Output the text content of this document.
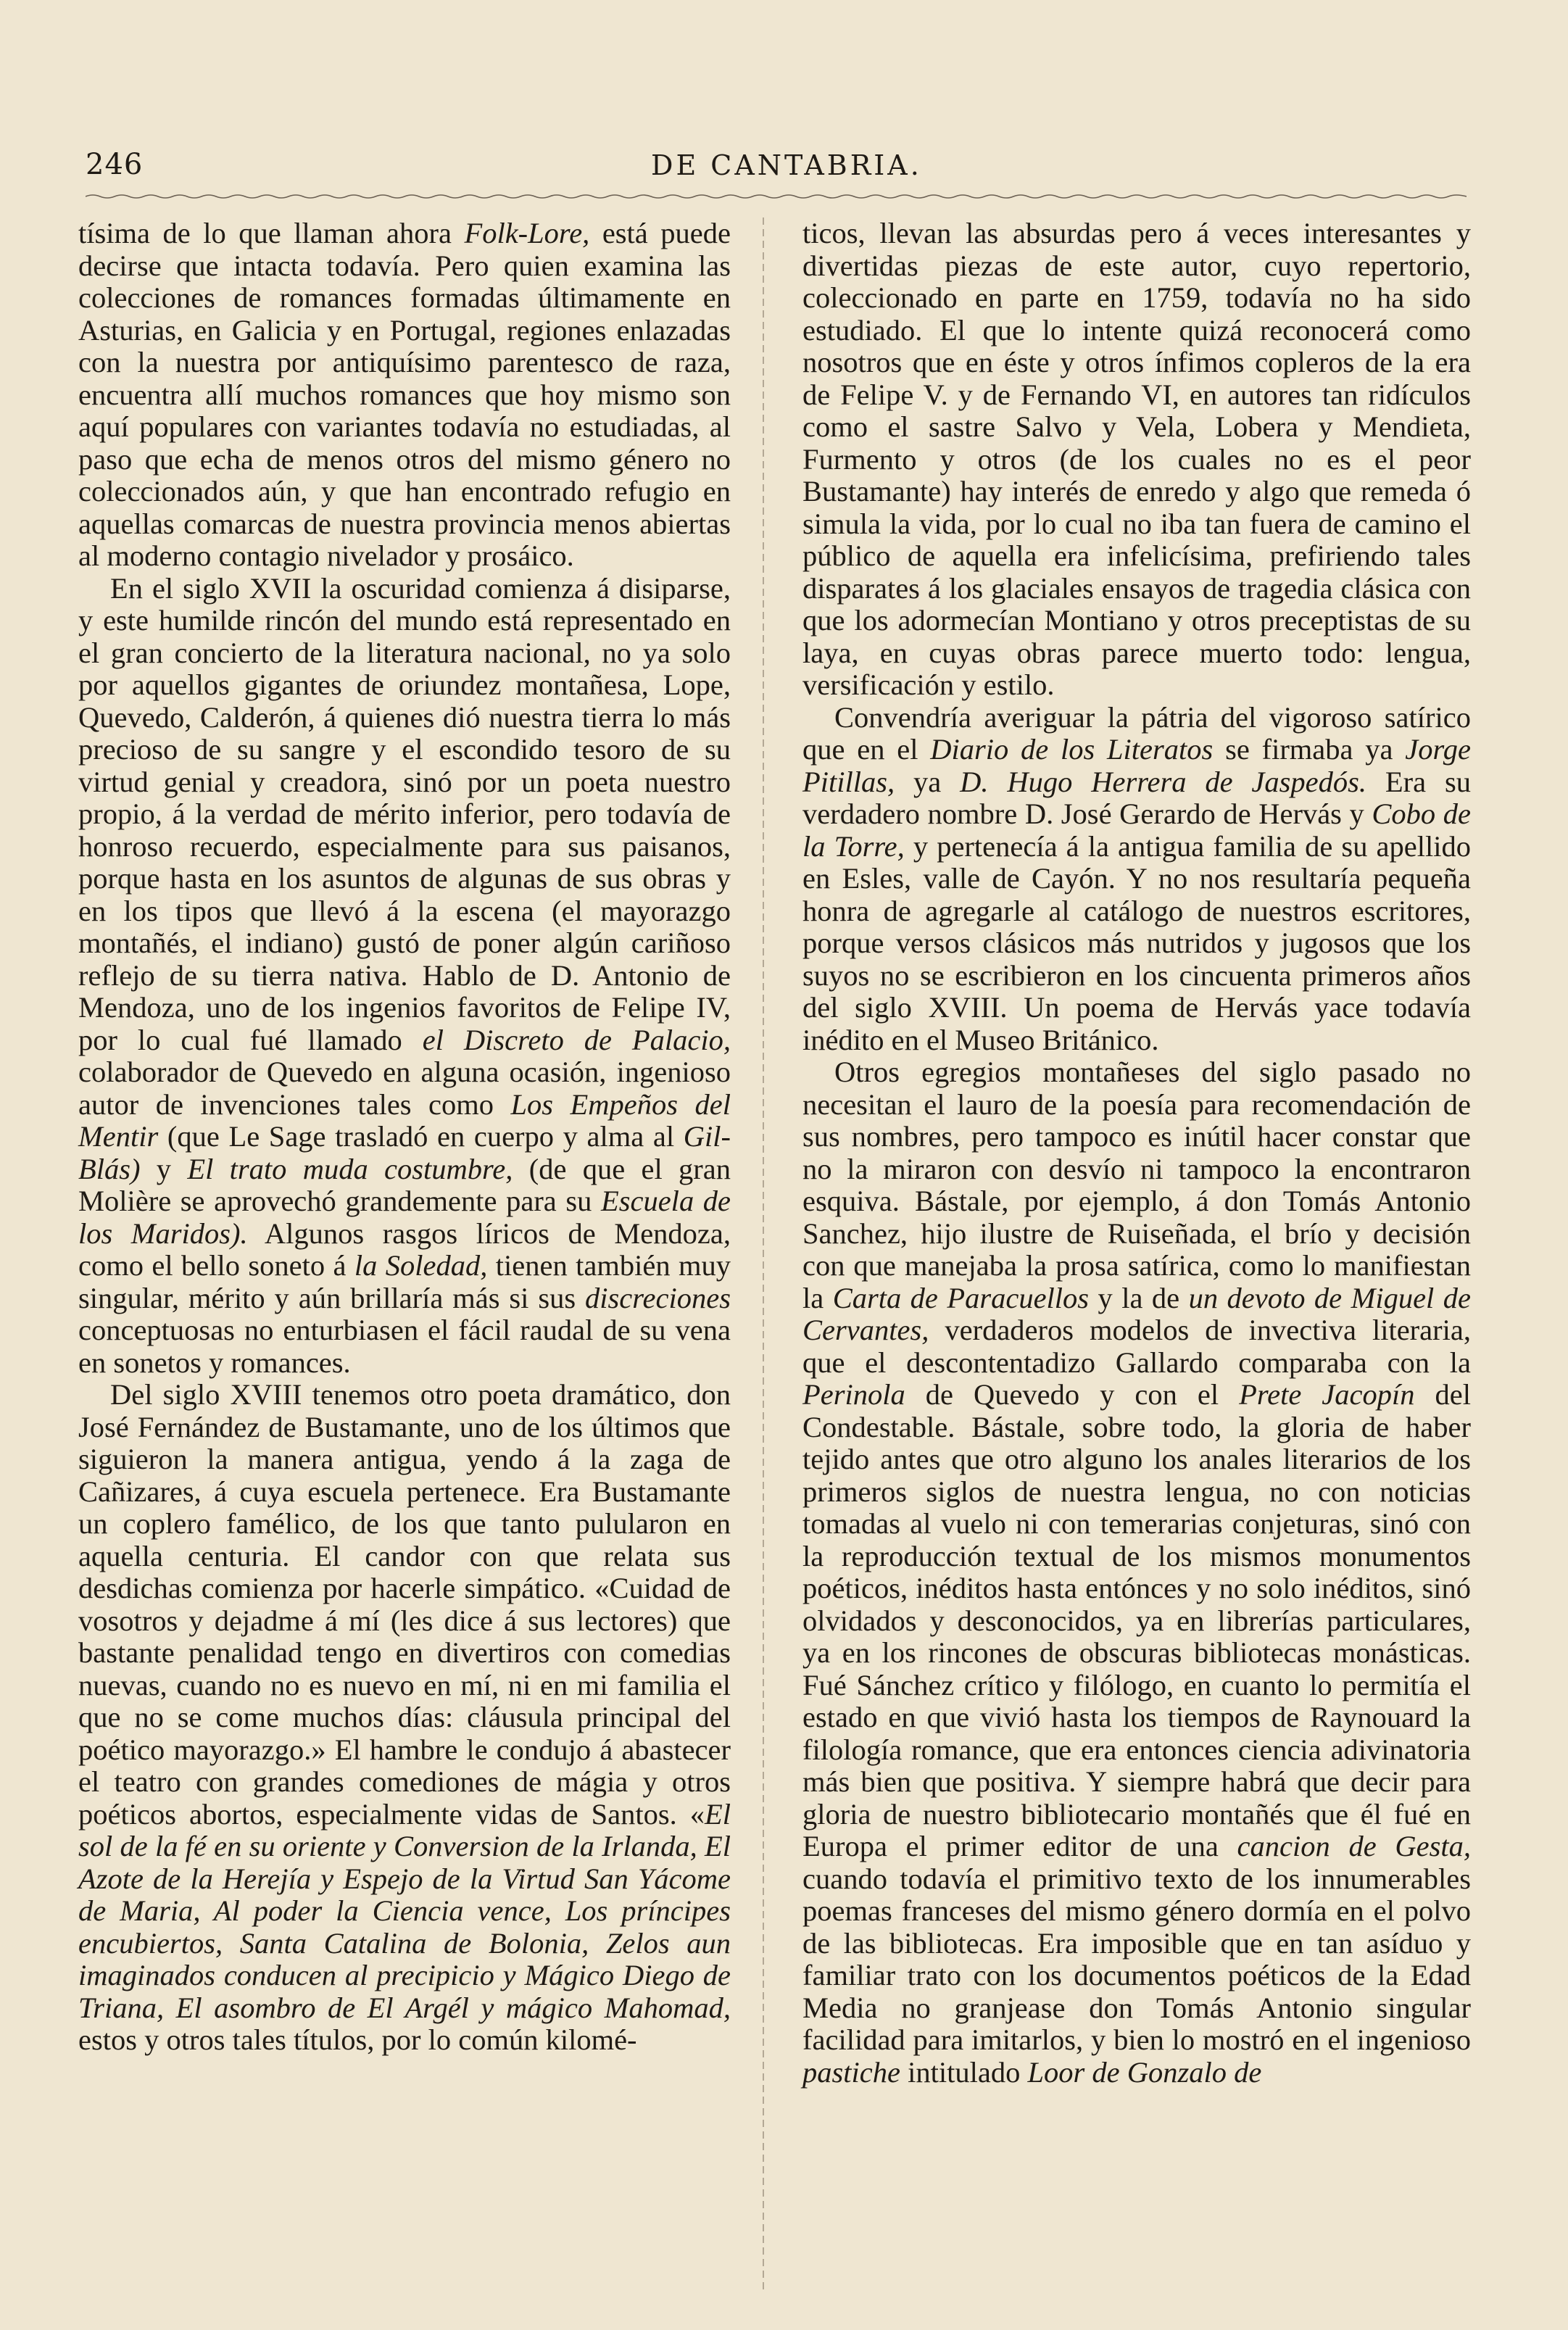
246	DE CANTABRIA.

tísima de lo que llaman ahora Folk-Lore, está puede decirse que intacta todavía. Pero quien examina las colecciones de romances formadas últimamente en Asturias, en Galicia y en Portugal, regiones enlazadas con la nuestra por antiquísimo parentesco de raza, encuentra allí muchos romances que hoy mismo son aquí populares con variantes todavía no estudiadas, al paso que echa de menos otros del mismo género no coleccionados aún, y que han encontrado refugio en aquellas comarcas de nuestra provincia menos abiertas al moderno contagio nivelador y prosáico.

En el siglo XVII la oscuridad comienza á disiparse, y este humilde rincón del mundo está representado en el gran concierto de la literatura nacional, no ya solo por aquellos gigantes de oriundez montañesa, Lope, Quevedo, Calderón, á quienes dió nuestra tierra lo más precioso de su sangre y el escondido tesoro de su virtud genial y creadora, sinó por un poeta nuestro propio, á la verdad de mérito inferior, pero todavía de honroso recuerdo, especialmente para sus paisanos, porque hasta en los asuntos de algunas de sus obras y en los tipos que llevó á la escena (el mayorazgo montañés, el indiano) gustó de poner algún cariñoso reflejo de su tierra nativa. Hablo de D. Antonio de Mendoza, uno de los ingenios favoritos de Felipe IV, por lo cual fué llamado el Discreto de Palacio, colaborador de Quevedo en alguna ocasión, ingenioso autor de invenciones tales como Los Empeños del Mentir (que Le Sage trasladó en cuerpo y alma al Gil-Blás) y El trato muda costumbre, (de que el gran Molière se aprovechó grandemente para su Escuela de los Maridos). Algunos rasgos líricos de Mendoza, como el bello soneto á la Soledad, tienen también muy singular, mérito y aún brillaría más si sus discreciones conceptuosas no enturbiasen el fácil raudal de su vena en sonetos y romances.

Del siglo XVIII tenemos otro poeta dramático, don José Fernández de Bustamante, uno de los últimos que siguieron la manera antigua, yendo á la zaga de Cañizares, á cuya escuela pertenece. Era Bustamante un coplero famélico, de los que tanto pulularon en aquella centuria. El candor con que relata sus desdichas comienza por hacerle simpático. «Cuidad de vosotros y dejadme á mí (les dice á sus lectores) que bastante penalidad tengo en divertiros con comedias nuevas, cuando no es nuevo en mí, ni en mi familia el que no se come muchos días: cláusula principal del poético mayorazgo.» El hambre le condujo á abastecer el teatro con grandes comediones de mágia y otros poéticos abortos, especialmente vidas de Santos. «El sol de la fé en su oriente y Conversion de la Irlanda, El Azote de la Herejía y Espejo de la Virtud San Yácome de Maria, Al poder la Ciencia vence, Los príncipes encubiertos, Santa Catalina de Bolonia, Zelos aun imaginados conducen al precipicio y Mágico Diego de Triana, El asombro de El Argél y mágico Mahomad, estos y otros tales títulos, por lo común kilomé-

ticos, llevan las absurdas pero á veces interesantes y divertidas piezas de este autor, cuyo repertorio, coleccionado en parte en 1759, todavía no ha sido estudiado. El que lo intente quizá reconocerá como nosotros que en éste y otros ínfimos copleros de la era de Felipe V. y de Fernando VI, en autores tan ridículos como el sastre Salvo y Vela, Lobera y Mendieta, Furmento y otros (de los cuales no es el peor Bustamante) hay interés de enredo y algo que remeda ó simula la vida, por lo cual no iba tan fuera de camino el público de aquella era infelicísima, prefiriendo tales disparates á los glaciales ensayos de tragedia clásica con que los adormecían Montiano y otros preceptistas de su laya, en cuyas obras parece muerto todo: lengua, versificación y estilo.

Convendría averiguar la pátria del vigoroso satírico que en el Diario de los Literatos se firmaba ya Jorge Pitillas, ya D. Hugo Herrera de Jaspedós. Era su verdadero nombre D. José Gerardo de Hervás y Cobo de la Torre, y pertenecía á la antigua familia de su apellido en Esles, valle de Cayón. Y no nos resultaría pequeña honra de agregarle al catálogo de nuestros escritores, porque versos clásicos más nutridos y jugosos que los suyos no se escribieron en los cincuenta primeros años del siglo XVIII. Un poema de Hervás yace todavía inédito en el Museo Británico.

Otros egregios montañeses del siglo pasado no necesitan el lauro de la poesía para recomendación de sus nombres, pero tampoco es inútil hacer constar que no la miraron con desvío ni tampoco la encontraron esquiva. Bástale, por ejemplo, á don Tomás Antonio Sanchez, hijo ilustre de Ruiseñada, el brío y decisión con que manejaba la prosa satírica, como lo manifiestan la Carta de Paracuellos y la de un devoto de Miguel de Cervantes, verdaderos modelos de invectiva literaria, que el descontentadizo Gallardo comparaba con la Perinola de Quevedo y con el Prete Jacopín del Condestable. Bástale, sobre todo, la gloria de haber tejido antes que otro alguno los anales literarios de los primeros siglos de nuestra lengua, no con noticias tomadas al vuelo ni con temerarias conjeturas, sinó con la reproducción textual de los mismos monumentos poéticos, inéditos hasta entónces y no solo inéditos, sinó olvidados y desconocidos, ya en librerías particulares, ya en los rincones de obscuras bibliotecas monásticas. Fué Sánchez crítico y filólogo, en cuanto lo permitía el estado en que vivió hasta los tiempos de Raynouard la filología romance, que era entonces ciencia adivinatoria más bien que positiva. Y siempre habrá que decir para gloria de nuestro bibliotecario montañés que él fué en Europa el primer editor de una cancion de Gesta, cuando todavía el primitivo texto de los innumerables poemas franceses del mismo género dormía en el polvo de las bibliotecas. Era imposible que en tan asíduo y familiar trato con los documentos poéticos de la Edad Media no granjease don Tomás Antonio singular facilidad para imitarlos, y bien lo mostró en el ingenioso pastiche intitulado Loor de Gonzalo de
